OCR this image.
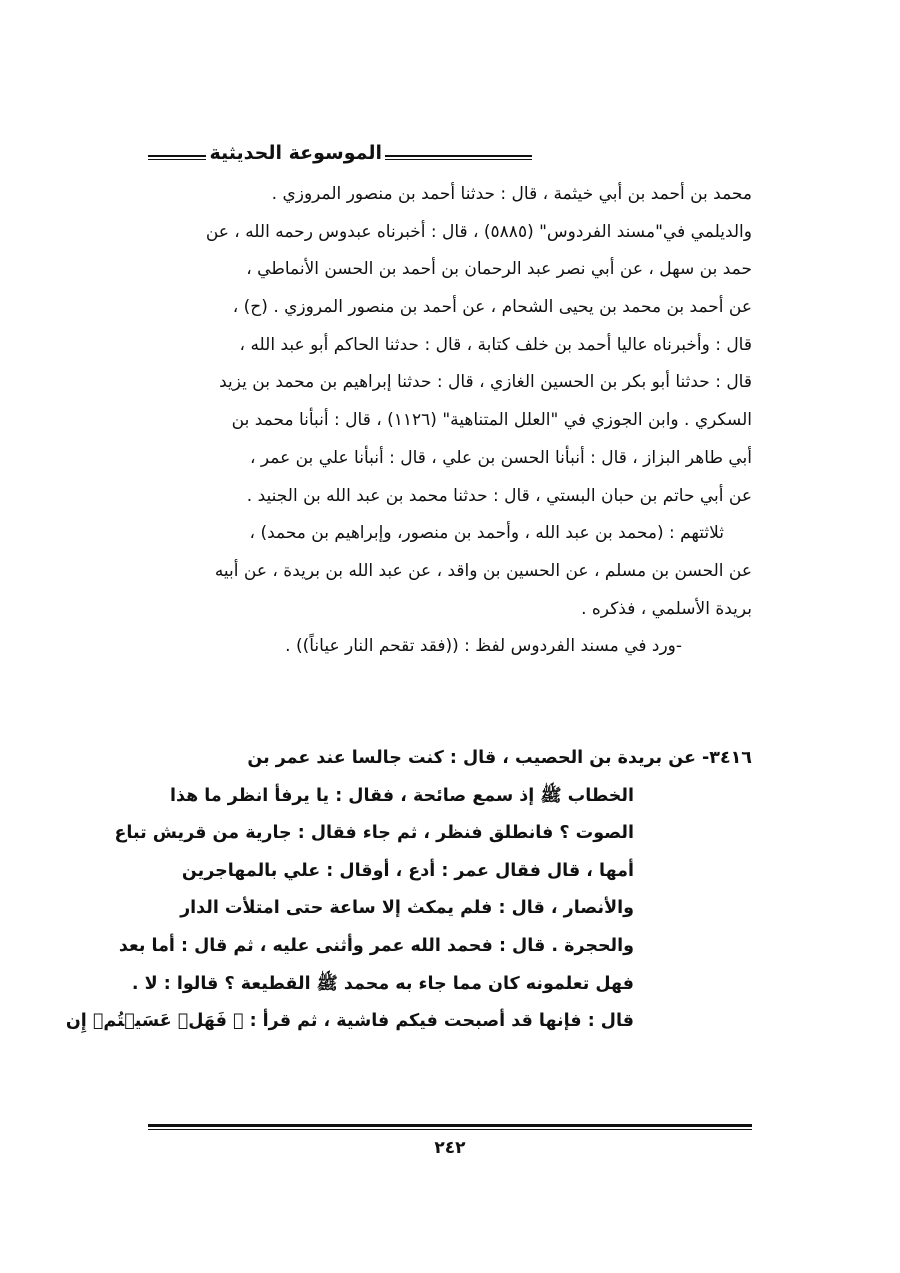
الموسوعة الحديثية
محمد بن أحمد بن أبي خيثمة ، قال : حدثنا أحمد بن منصور المروزي .
والديلمي في"مسند الفردوس" (٥٨٨٥) ، قال : أخبرناه عبدوس رحمه الله ، عن
حمد بن سهل ، عن أبي نصر عبد الرحمان بن أحمد بن الحسن الأنماطي ،
عن أحمد بن محمد بن يحيى الشحام ، عن أحمد بن منصور المروزي . (ح) ،
قال : وأخبرناه عاليا أحمد بن خلف كتابة ، قال : حدثنا الحاكم أبو عبد الله ،
قال : حدثنا أبو بكر بن الحسين الغازي ، قال : حدثنا إبراهيم بن محمد بن يزيد
السكري . وابن الجوزي في "العلل المتناهية" (١١٢٦) ، قال : أنبأنا محمد بن
أبي طاهر البزاز ، قال : أنبأنا الحسن بن علي ، قال : أنبأنا علي بن عمر ،
عن أبي حاتم بن حبان البستي ، قال : حدثنا محمد بن عبد الله بن الجنيد .
ثلاثتهم : (محمد بن عبد الله ، وأحمد بن منصور، وإبراهيم بن محمد) ،
عن الحسن بن مسلم ، عن الحسين بن واقد ، عن عبد الله بن بريدة ، عن أبيه
بريدة الأسلمي ، فذكره .
-ورد في مسند الفردوس لفظ : ((فقد تقحم النار عياناً)) .
٣٤١٦- عن بريدة بن الحصيب ، قال : كنت جالسا عند عمر بن
الخطاب ﷺ إذ سمع صائحة ، فقال : يا يرفأ انظر ما هذا
الصوت ؟ فانطلق فنظر ، ثم جاء فقال : جارية من قريش تباع
أمها ، قال فقال عمر : أدع ، أوقال : علي بالمهاجرين
والأنصار ، قال : فلم يمكث إلا ساعة حتى امتلأت الدار
والحجرة . قال : فحمد الله عمر وأثنى عليه ، ثم قال : أما بعد
فهل تعلمونه كان مما جاء به محمد ﷺ القطيعة ؟ قالوا : لا .
قال : فإنها قد أصبحت فيكم فاشية ، ثم قرأ : ﴿ فَهَلۡ عَسَيۡتُمۡ إِن
٢٤٢
